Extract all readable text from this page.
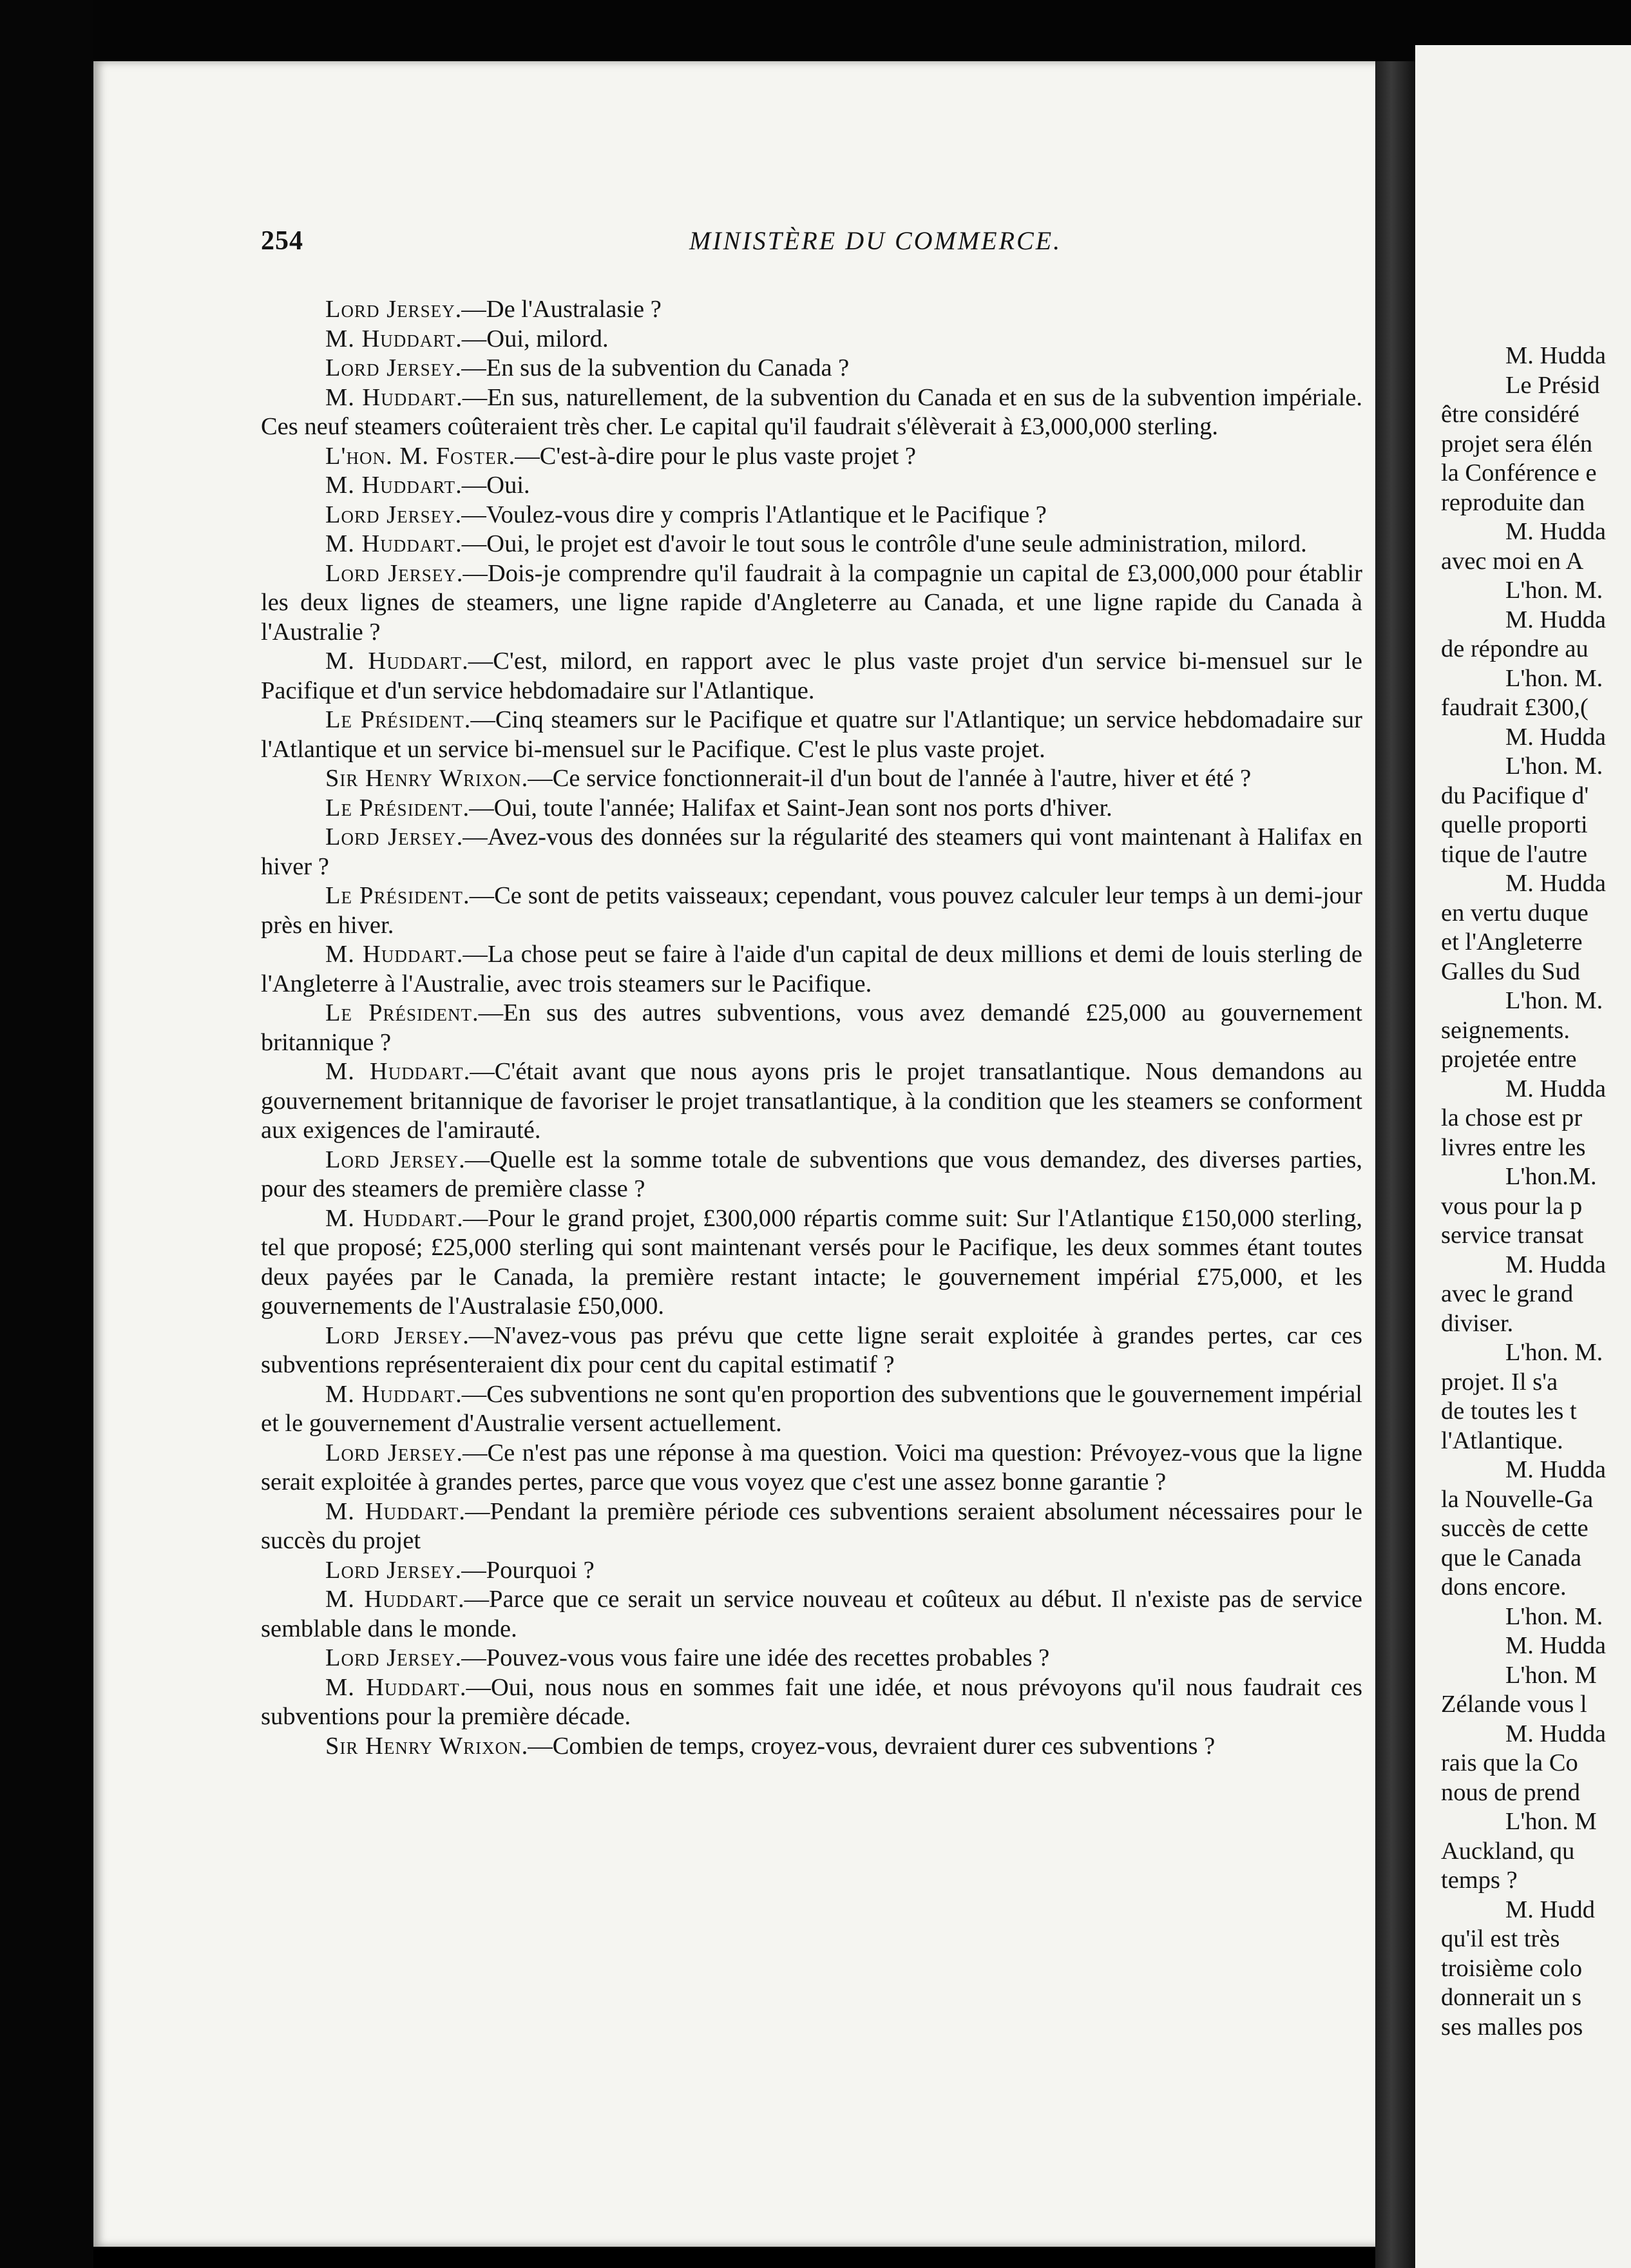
254	MINISTÈRE DU COMMERCE.

Lord Jersey.—De l'Australasie ?

M. Huddart.—Oui, milord.

Lord Jersey.—En sus de la subvention du Canada ?

M. Huddart.—En sus, naturellement, de la subvention du Canada et en sus de la subvention impériale. Ces neuf steamers coûteraient très cher. Le capital qu'il faudrait s'élèverait à £3,000,000 sterling.

L'hon. M. Foster.—C'est-à-dire pour le plus vaste projet ?

M. Huddart.—Oui.

Lord Jersey.—Voulez-vous dire y compris l'Atlantique et le Pacifique ?

M. Huddart.—Oui, le projet est d'avoir le tout sous le contrôle d'une seule administration, milord.

Lord Jersey.—Dois-je comprendre qu'il faudrait à la compagnie un capital de £3,000,000 pour établir les deux lignes de steamers, une ligne rapide d'Angleterre au Canada, et une ligne rapide du Canada à l'Australie ?

M. Huddart.—C'est, milord, en rapport avec le plus vaste projet d'un service bi-mensuel sur le Pacifique et d'un service hebdomadaire sur l'Atlantique.

Le Président.—Cinq steamers sur le Pacifique et quatre sur l'Atlantique; un service hebdomadaire sur l'Atlantique et un service bi-mensuel sur le Pacifique. C'est le plus vaste projet.

Sir Henry Wrixon.—Ce service fonctionnerait-il d'un bout de l'année à l'autre, hiver et été ?

Le Président.—Oui, toute l'année; Halifax et Saint-Jean sont nos ports d'hiver.

Lord Jersey.—Avez-vous des données sur la régularité des steamers qui vont maintenant à Halifax en hiver ?

Le Président.—Ce sont de petits vaisseaux; cependant, vous pouvez calculer leur temps à un demi-jour près en hiver.

M. Huddart.—La chose peut se faire à l'aide d'un capital de deux millions et demi de louis sterling de l'Angleterre à l'Australie, avec trois steamers sur le Pacifique.

Le Président.—En sus des autres subventions, vous avez demandé £25,000 au gouvernement britannique ?

M. Huddart.—C'était avant que nous ayons pris le projet transatlantique. Nous demandons au gouvernement britannique de favoriser le projet transatlantique, à la condition que les steamers se conforment aux exigences de l'amirauté.

Lord Jersey.—Quelle est la somme totale de subventions que vous demandez, des diverses parties, pour des steamers de première classe ?

M. Huddart.—Pour le grand projet, £300,000 répartis comme suit: Sur l'Atlantique £150,000 sterling, tel que proposé; £25,000 sterling qui sont maintenant versés pour le Pacifique, les deux sommes étant toutes deux payées par le Canada, la première restant intacte; le gouvernement impérial £75,000, et les gouvernements de l'Australasie £50,000.

Lord Jersey.—N'avez-vous pas prévu que cette ligne serait exploitée à grandes pertes, car ces subventions représenteraient dix pour cent du capital estimatif ?

M. Huddart.—Ces subventions ne sont qu'en proportion des subventions que le gouvernement impérial et le gouvernement d'Australie versent actuellement.

Lord Jersey.—Ce n'est pas une réponse à ma question. Voici ma question: Prévoyez-vous que la ligne serait exploitée à grandes pertes, parce que vous voyez que c'est une assez bonne garantie ?

M. Huddart.—Pendant la première période ces subventions seraient absolument nécessaires pour le succès du projet

Lord Jersey.—Pourquoi ?

M. Huddart.—Parce que ce serait un service nouveau et coûteux au début. Il n'existe pas de service semblable dans le monde.

Lord Jersey.—Pouvez-vous vous faire une idée des recettes probables ?

M. Huddart.—Oui, nous nous en sommes fait une idée, et nous prévoyons qu'il nous faudrait ces subventions pour la première décade.

Sir Henry Wrixon.—Combien de temps, croyez-vous, devraient durer ces subventions ?

M. Hudda
Le Présid
être considéré
projet sera élén
la Conférence e
reproduite dan
M. Hudda
avec moi en A
L'hon. M.
M. Hudda
de répondre au
L'hon. M.
faudrait £300,(
M. Hudda
L'hon. M.
du Pacifique d'
quelle proporti
tique de l'autre
M. Hudda
en vertu duque
et l'Angleterre
Galles du Sud
L'hon. M.
seignements.
projetée entre
M. Hudda
la chose est pr
livres entre les
L'hon.M.
vous pour la p
service transat
M. Hudda
avec le grand
diviser.
L'hon. M.
projet. Il s'a
de toutes les t
l'Atlantique.
M. Hudda
la Nouvelle-Ga
succès de cette
que le Canada
dons encore.
L'hon. M.
M. Hudda
L'hon. M
Zélande vous l
M. Hudda
rais que la Co
nous de prend
L'hon. M
Auckland, qu
temps ?
M. Hudd
qu'il est très
troisième colo
donnerait un s
ses malles pos
